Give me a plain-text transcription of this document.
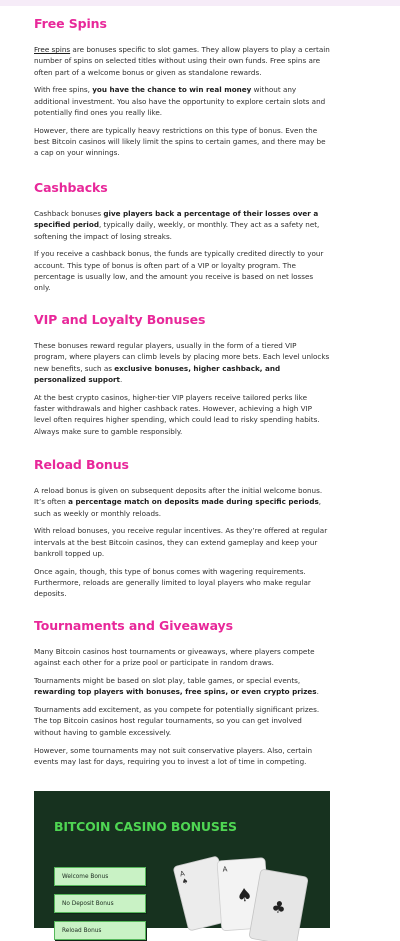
Free Spins

Free spins are bonuses specific to slot games. They allow players to play a certain number of spins on selected titles without using their own funds. Free spins are often part of a welcome bonus or given as standalone rewards.

With free spins, you have the chance to win real money without any additional investment. You also have the opportunity to explore certain slots and potentially find ones you really like.

However, there are typically heavy restrictions on this type of bonus. Even the best Bitcoin casinos will likely limit the spins to certain games, and there may be a cap on your winnings.

Cashbacks

Cashback bonuses give players back a percentage of their losses over a specified period, typically daily, weekly, or monthly. They act as a safety net, softening the impact of losing streaks.

If you receive a cashback bonus, the funds are typically credited directly to your account. This type of bonus is often part of a VIP or loyalty program. The percentage is usually low, and the amount you receive is based on net losses only.

VIP and Loyalty Bonuses

These bonuses reward regular players, usually in the form of a tiered VIP program, where players can climb levels by placing more bets. Each level unlocks new benefits, such as exclusive bonuses, higher cashback, and personalized support.

At the best crypto casinos, higher-tier VIP players receive tailored perks like faster withdrawals and higher cashback rates. However, achieving a high VIP level often requires higher spending, which could lead to risky spending habits. Always make sure to gamble responsibly.

Reload Bonus

A reload bonus is given on subsequent deposits after the initial welcome bonus. It’s often a percentage match on deposits made during specific periods, such as weekly or monthly reloads.

With reload bonuses, you receive regular incentives. As they’re offered at regular intervals at the best Bitcoin casinos, they can extend gameplay and keep your bankroll topped up.

Once again, though, this type of bonus comes with wagering requirements. Furthermore, reloads are generally limited to loyal players who make regular deposits.

Tournaments and Giveaways

Many Bitcoin casinos host tournaments or giveaways, where players compete against each other for a prize pool or participate in random draws.

Tournaments might be based on slot play, table games, or special events, rewarding top players with bonuses, free spins, or even crypto prizes.

Tournaments add excitement, as you compete for potentially significant prizes. The top Bitcoin casinos host regular tournaments, so you can get involved without having to gamble excessively.

However, some tournaments may not suit conservative players. Also, certain events may last for days, requiring you to invest a lot of time in competing.

BITCOIN CASINO BONUSES
Welcome Bonus
No Deposit Bonus
Reload Bonus
A
♠
A
♠
♣
